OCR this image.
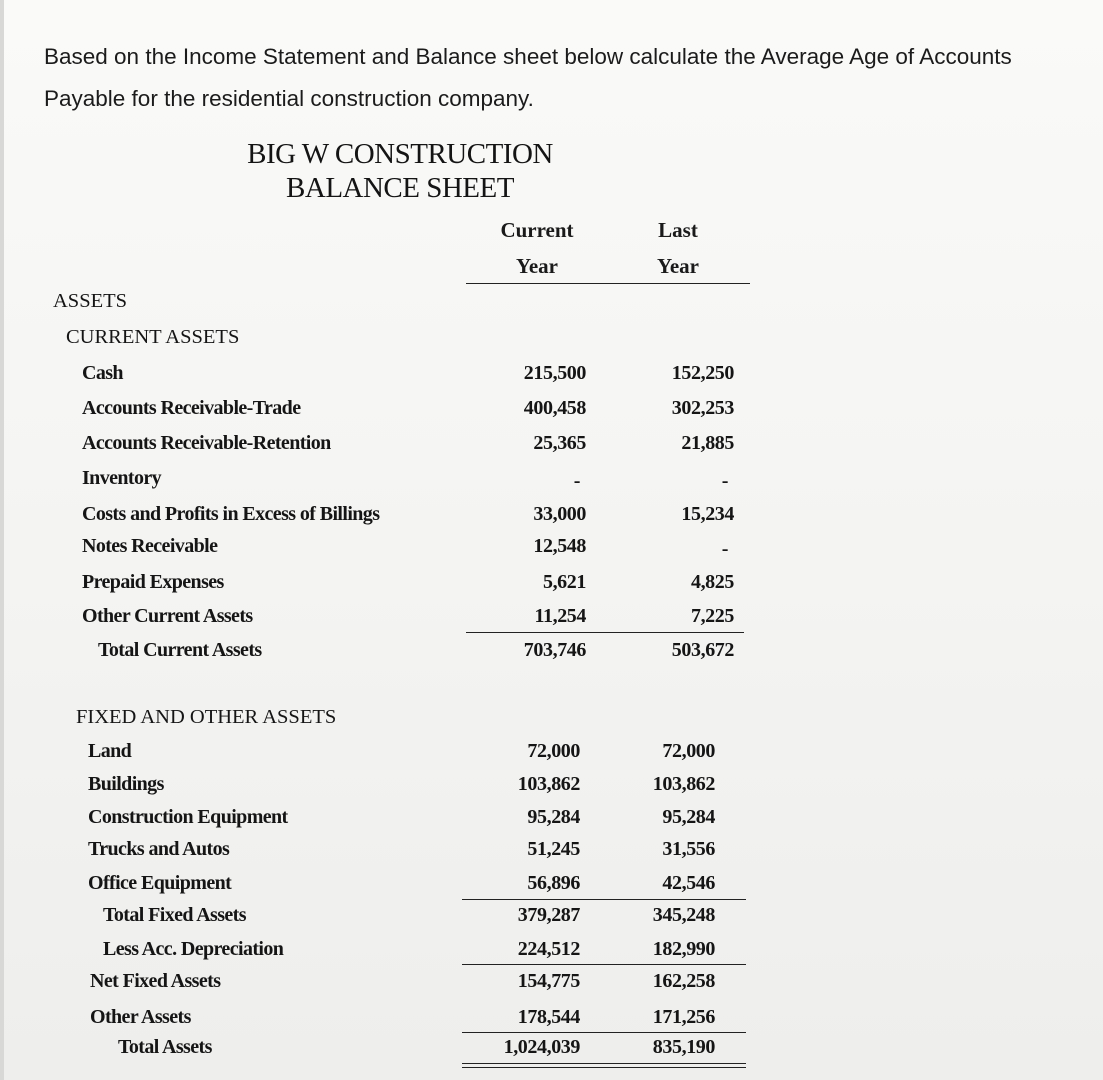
Based on the Income Statement and Balance sheet below calculate the Average Age of Accounts Payable for the residential construction company.
BIG W CONSTRUCTION
BALANCE SHEET
Current
Year
Last
Year
ASSETS
CURRENT ASSETS
Cash	215,500	152,250
Accounts Receivable-Trade	400,458	302,253
Accounts Receivable-Retention	25,365	21,885
Inventory	-	-
Costs and Profits in Excess of Billings	33,000	15,234
Notes Receivable	12,548	-
Prepaid Expenses	5,621	4,825
Other Current Assets	11,254	7,225
Total Current Assets	703,746	503,672
FIXED AND OTHER ASSETS
Land	72,000	72,000
Buildings	103,862	103,862
Construction Equipment	95,284	95,284
Trucks and Autos	51,245	31,556
Office Equipment	56,896	42,546
Total Fixed Assets	379,287	345,248
Less Acc. Depreciation	224,512	182,990
Net Fixed Assets	154,775	162,258
Other Assets	178,544	171,256
Total Assets	1,024,039	835,190
